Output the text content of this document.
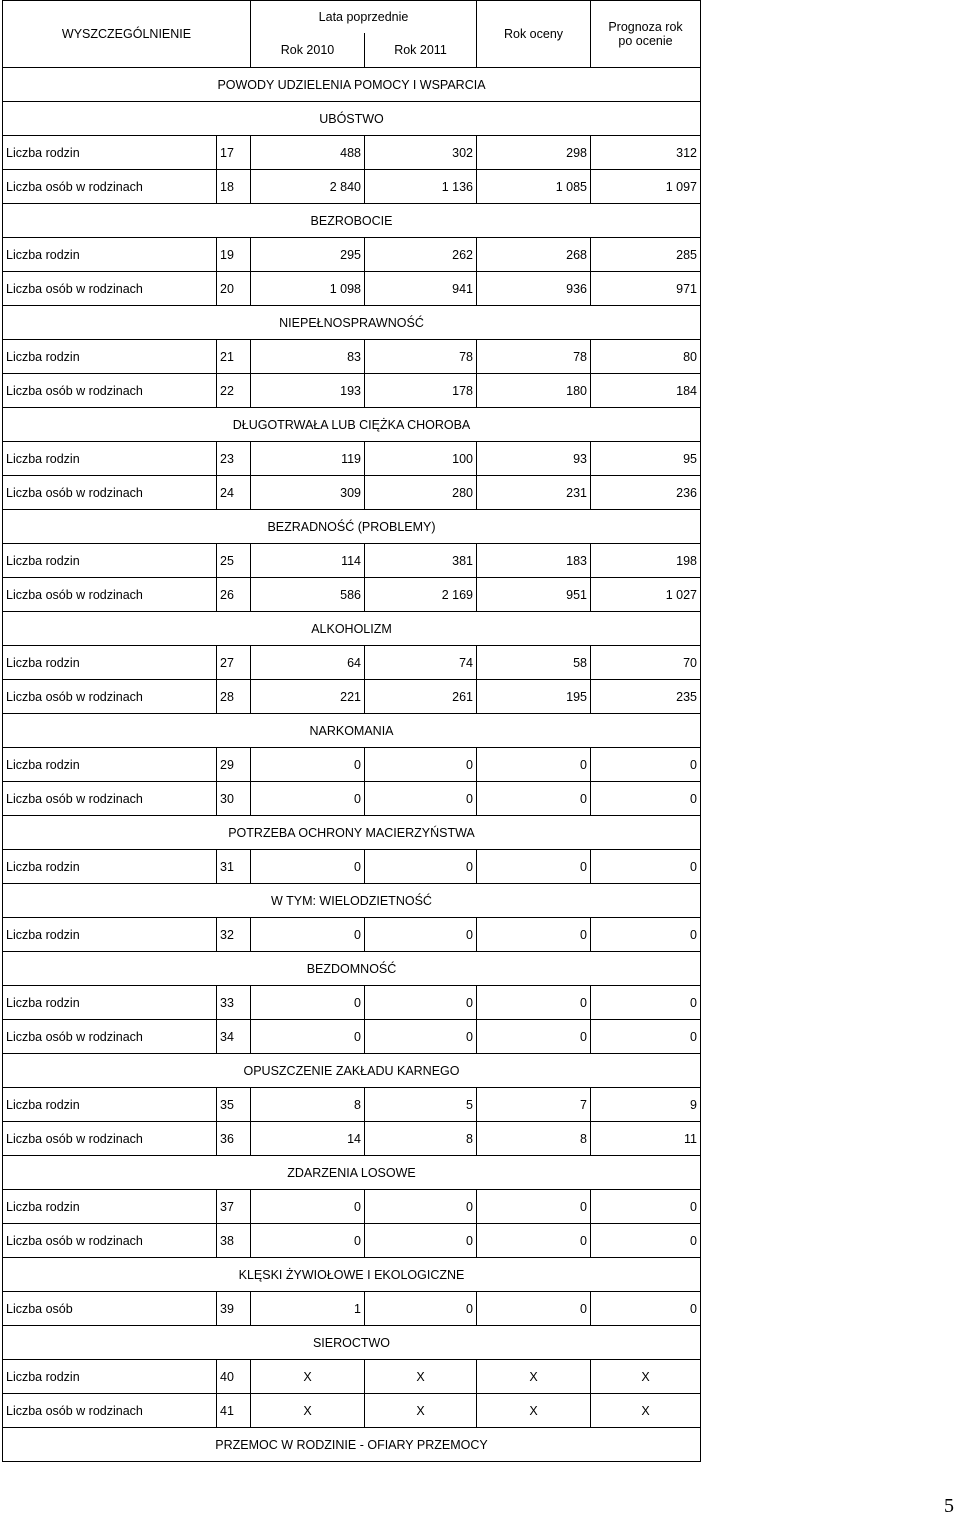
WYSZCZEGÓLNIENIE		Lata poprzednie		Rok oceny	Prognoza rok
po ocenie
		Rok 2010	Rok 2011		
POWODY UDZIELENIA POMOCY I WSPARCIA					
UBÓSTWO					
Liczba rodzin	17	488	302	298	312
Liczba osób w rodzinach	18	2 840	1 136	1 085	1 097
BEZROBOCIE					
Liczba rodzin	19	295	262	268	285
Liczba osób w rodzinach	20	1 098	941	936	971
NIEPEŁNOSPRAWNOŚĆ					
Liczba rodzin	21	83	78	78	80
Liczba osób w rodzinach	22	193	178	180	184
DŁUGOTRWAŁA LUB CIĘŻKA CHOROBA					
Liczba rodzin	23	119	100	93	95
Liczba osób w rodzinach	24	309	280	231	236
BEZRADNOŚĆ (PROBLEMY)					
Liczba rodzin	25	114	381	183	198
Liczba osób w rodzinach	26	586	2 169	951	1 027
ALKOHOLIZM					
Liczba rodzin	27	64	74	58	70
Liczba osób w rodzinach	28	221	261	195	235
NARKOMANIA					
Liczba rodzin	29	0	0	0	0
Liczba osób w rodzinach	30	0	0	0	0
POTRZEBA OCHRONY MACIERZYŃSTWA					
Liczba rodzin	31	0	0	0	0
W TYM: WIELODZIETNOŚĆ					
Liczba rodzin	32	0	0	0	0
BEZDOMNOŚĆ					
Liczba rodzin	33	0	0	0	0
Liczba osób w rodzinach	34	0	0	0	0
OPUSZCZENIE ZAKŁADU KARNEGO					
Liczba rodzin	35	8	5	7	9
Liczba osób w rodzinach	36	14	8	8	11
ZDARZENIA LOSOWE					
Liczba rodzin	37	0	0	0	0
Liczba osób w rodzinach	38	0	0	0	0
KLĘSKI ŻYWIOŁOWE I EKOLOGICZNE					
Liczba osób	39	1	0	0	0
SIEROCTWO					
Liczba rodzin	40	X	X	X	X
Liczba osób w rodzinach	41	X	X	X	X
PRZEMOC W RODZINIE - OFIARY PRZEMOCY					
5
